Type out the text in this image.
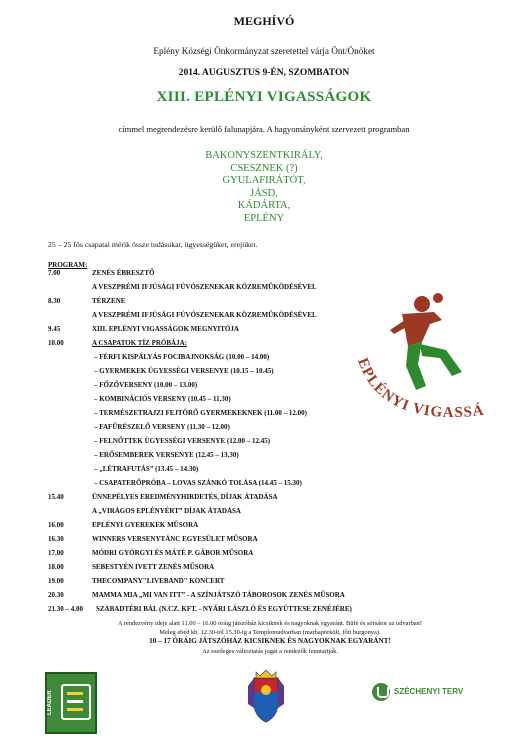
MEGHÍVÓ
Eplény Községi Önkormányzat szeretettel várja Önt/Önöket
2014. AUGUSZTUS 9-ÉN, SZOMBATON
XIII. EPLÉNYI VIGASSÁGOK
címmel megrendezésre kerülő falunapjára. A hagyományként szervezett programban
BAKONYSZENTKIRÁLY,
CSESZNEK (?)
GYULAFIRÁTÓT,
JÁSD,
KÁDÁRTA,
EPLÉNY
25 – 25 fős csapatai mérik össze tudásukat, ügyességüket, erejüket.
PROGRAM:
7.00	ZENÉS ÉBRESZTŐ
A VESZPRÉMI IFJÚSÁGI FÚVÓSZENEKAR KÖZREMŰKÖDÉSÉVEL
8.30	TÉRZENE
A VESZPRÉMI IFJÚSÁGI FÚVÓSZENEKAR KÖZREMŰKÖDÉSÉVEL
9.45	XIII. EPLÉNYI VIGASSÁGOK MEGNYITÓJA
10.00	A CSAPATOK TÍZ PRÓBÁJA:
– FÉRFI KISPÁLYÁS FOCIBAJNOKSÁG (10.00 – 14.00)
– GYERMEKEK ÜGYESSÉGI VERSENYE (10.15 – 10.45)
– FŐZŐVERSENY (10.00 – 13.00)
– KOMBINÁCIÓS VERSENY (10.45 – 11.30)
– TERMÉSZETRAJZI FEJTÖRŐ GYERMEKEKNEK (11.00 – 12.00)
– FAFŰRÉSZELŐ VERSENY (11.30 – 12.00)
– FELNŐTTEK ÜGYESSÉGI VERSENYE (12.00 – 12.45)
– ERŐSEMBEREK VERSENYE (12.45 – 13.30)
– „LÉTRAFUTÁS” (13.45 – 14.30)
– CSAPATERŐPRÓBA – LOVAS SZÁNKÓ TOLÁSA (14.45 – 15.30)
15.40	ÜNNEPÉLYES EREDMÉNYHIRDETÉS, DÍJAK ÁTADÁSA
A „VIRÁGOS EPLÉNYÉRT” DÍJAK ÁTADÁSA
16.00	EPLÉNYI GYEREKEK MŰSORA
16.30	WINNERS VERSENYTÁNC EGYESÜLET MŰSORA
17.00	MÓDRI GYÖRGYI ÉS MÁTÉ P. GÁBOR MŰSORA
18.00	SEBESTYÉN IVETT ZENÉS MŰSORA
19.00	THECOMPANY"LIVEBAND" KONCERT
20.30	MAMMA MIA „MI VAN ITT” - A SZÍNJÁTSZÓ TÁBOROSOK ZENÉS MŰSORA
21.30 – 4.00 SZABADTÉRI BÁL (N.CZ. KFT. - NYÁRI LÁSZLÓ ÉS EGYÜTTESE ZENÉJÉRE)
EPLÉNYI VIGASSÁ
A rendezvény ideje alatt 11.00 – 16.00 óráig játszóház kicsiknek és nagyoknak egyaránt. Büfé és sörsátor az udvarban!
Meleg ebéd kb. 12.30-tól 15.30-ig a Templomudvarban (marhapörkölt, főtt burgonya).
10 – 17 ÓRÁIG JÁTSZÓHÁZ KICSIKNEK ÉS NAGYOKNAK EGYARÁNT!
Az esetleges változtatás jogát a rendezők fenntartják.
LEADER	SZÉCHENYI TERV
